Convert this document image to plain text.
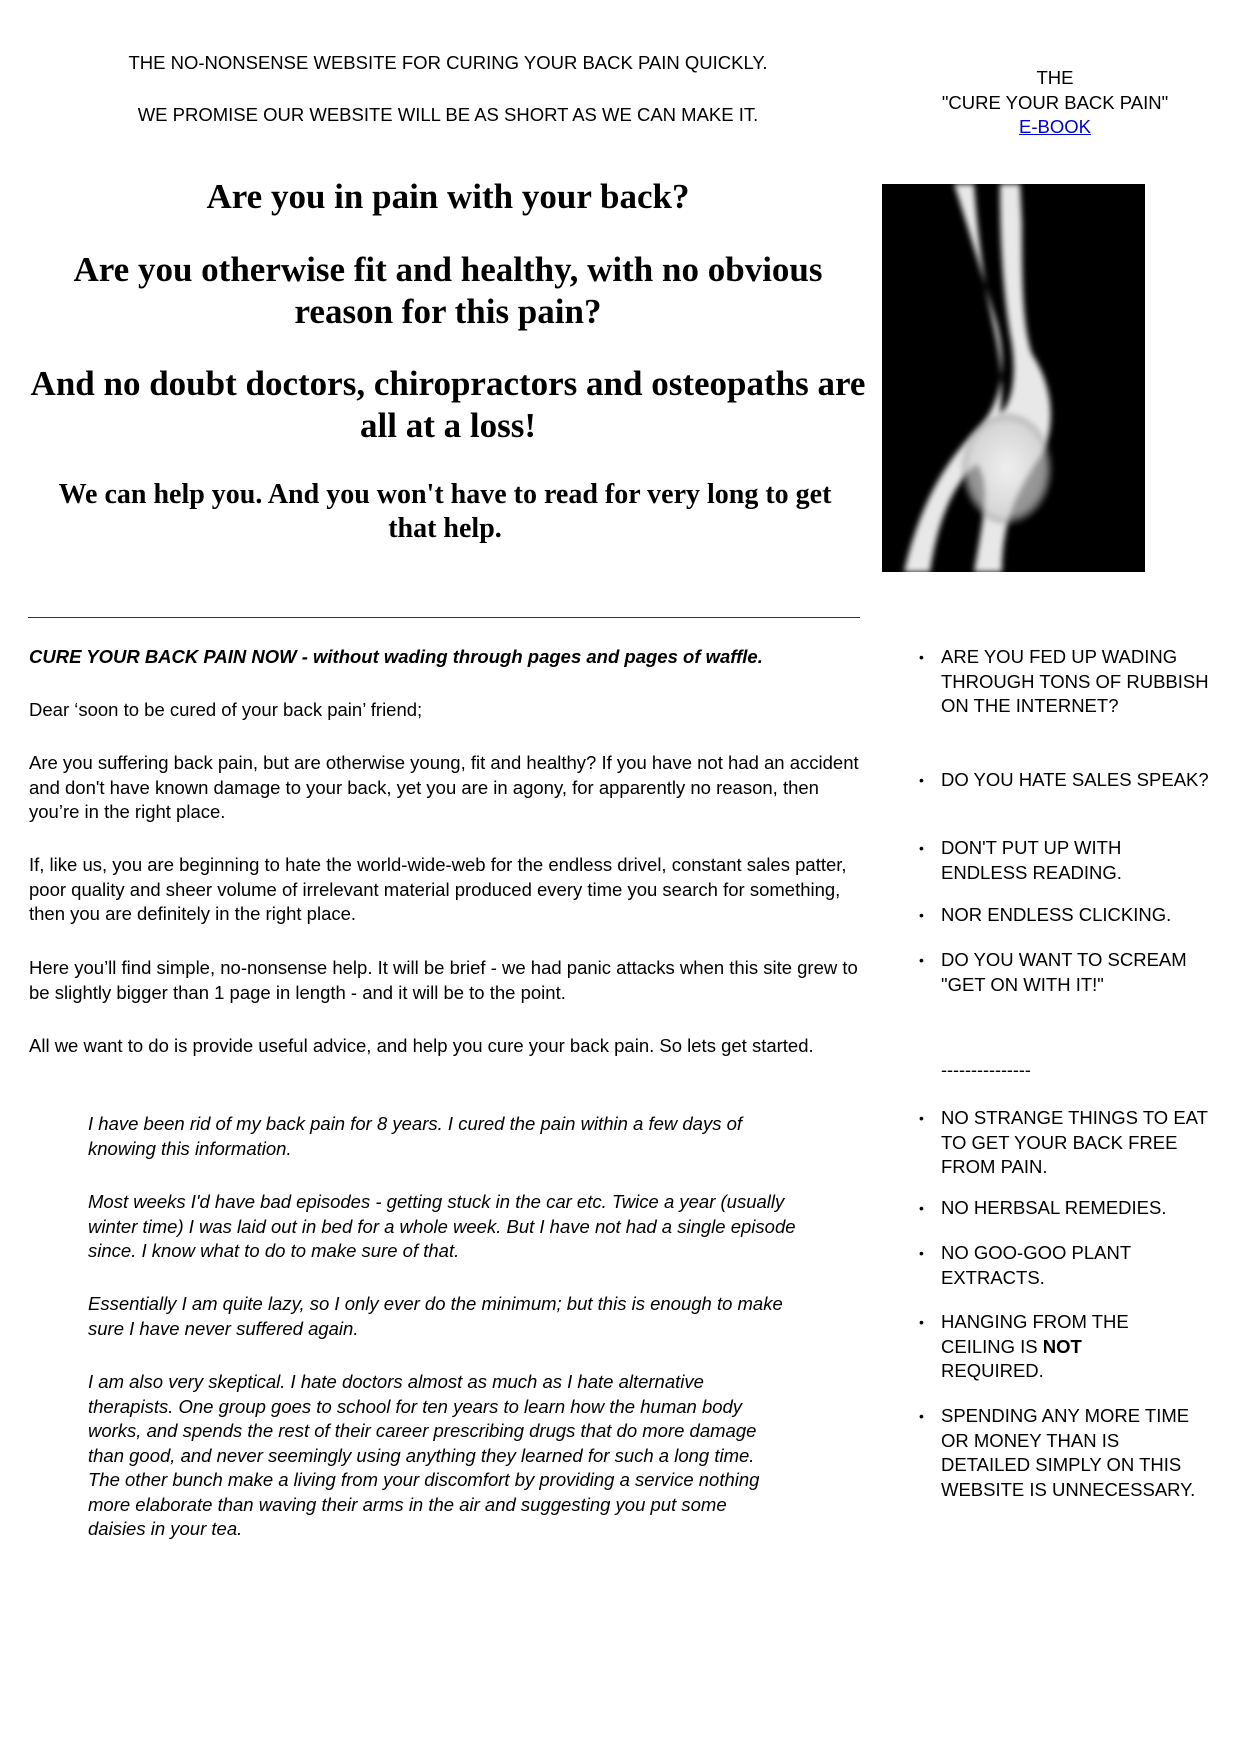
THE NO-NONSENSE WEBSITE FOR CURING YOUR BACK PAIN QUICKLY.
WE PROMISE OUR WEBSITE WILL BE AS SHORT AS WE CAN MAKE IT.
THE
"CURE YOUR BACK PAIN"
E-BOOK
Are you in pain with your back?
Are you otherwise fit and healthy, with no obvious reason for this pain?
And no doubt doctors, chiropractors and osteopaths are all at a loss!
We can help you. And you won't have to read for very long to get that help.
CURE YOUR BACK PAIN NOW - without wading through pages and pages of waffle.
Dear ‘soon to be cured of your back pain’ friend;
Are you suffering back pain, but are otherwise young, fit and healthy? If you have not had an accident and don't have known damage to your back, yet you are in agony, for apparently no reason, then you’re in the right place.
If, like us, you are beginning to hate the world-wide-web for the endless drivel, constant sales patter, poor quality and sheer volume of irrelevant material produced every time you search for something, then you are definitely in the right place.
Here you’ll find simple, no-nonsense help. It will be brief - we had panic attacks when this site grew to be slightly bigger than 1 page in length - and it will be to the point.
All we want to do is provide useful advice, and help you cure your back pain. So lets get started.
I have been rid of my back pain for 8 years. I cured the pain within a few days of knowing this information.
Most weeks I'd have bad episodes - getting stuck in the car etc. Twice a year (usually winter time) I was laid out in bed for a whole week. But I have not had a single episode since. I know what to do to make sure of that.
Essentially I am quite lazy, so I only ever do the minimum; but this is enough to make sure I have never suffered again.
I am also very skeptical. I hate doctors almost as much as I hate alternative therapists. One group goes to school for ten years to learn how the human body works, and spends the rest of their career prescribing drugs that do more damage than good, and never seemingly using anything they learned for such a long time. The other bunch make a living from your discomfort by providing a service nothing more elaborate than waving their arms in the air and suggesting you put some daisies in your tea.
• ARE YOU FED UP WADING THROUGH TONS OF RUBBISH ON THE INTERNET?
• DO YOU HATE SALES SPEAK?
• DON'T PUT UP WITH ENDLESS READING.
• NOR ENDLESS CLICKING.
• DO YOU WANT TO SCREAM "GET ON WITH IT!"
---------------
• NO STRANGE THINGS TO EAT TO GET YOUR BACK FREE FROM PAIN.
• NO HERBSAL REMEDIES.
• NO GOO-GOO PLANT EXTRACTS.
• HANGING FROM THE CEILING IS NOT REQUIRED.
• SPENDING ANY MORE TIME OR MONEY THAN IS DETAILED SIMPLY ON THIS WEBSITE IS UNNECESSARY.
